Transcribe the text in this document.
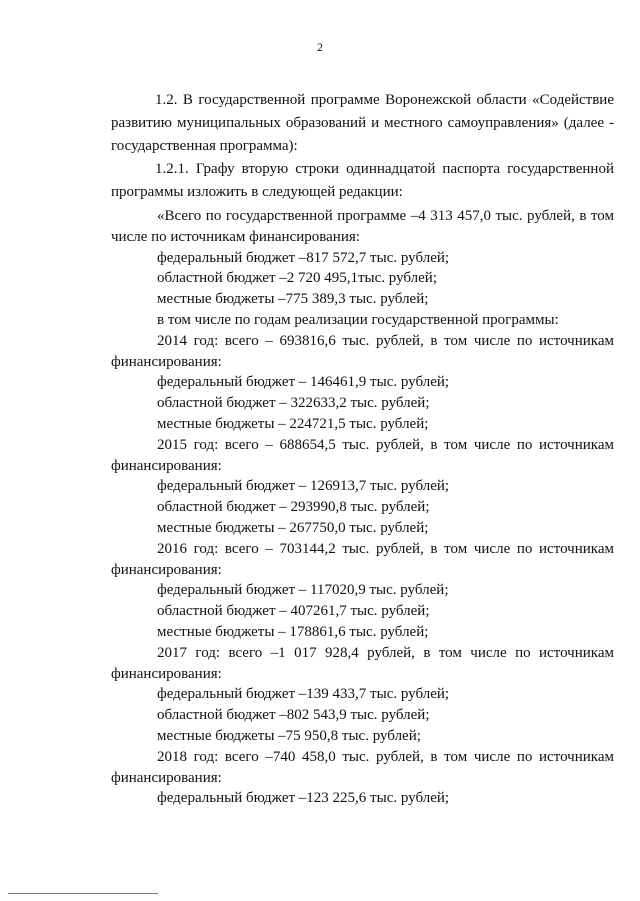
2
1.2. В государственной программе Воронежской области «Содействие
развитию муниципальных образований и местного самоуправления» (далее -
государственная программа):
1.2.1. Графу вторую строки одиннадцатой паспорта государственной
программы изложить в следующей редакции:
«Всего по государственной программе –4 313 457,0 тыс. рублей, в том
числе по источникам финансирования:
федеральный бюджет –817 572,7 тыс. рублей;
областной бюджет –2 720 495,1тыс. рублей;
местные бюджеты –775 389,3 тыс. рублей;
в том числе по годам реализации государственной программы:
2014 год: всего – 693816,6 тыс. рублей, в том числе по источникам
финансирования:
федеральный бюджет – 146461,9 тыс. рублей;
областной бюджет – 322633,2 тыс. рублей;
местные бюджеты – 224721,5 тыс. рублей;
2015 год: всего – 688654,5 тыс. рублей, в том числе по источникам
финансирования:
федеральный бюджет – 126913,7 тыс. рублей;
областной бюджет – 293990,8 тыс. рублей;
местные бюджеты – 267750,0 тыс. рублей;
2016 год: всего – 703144,2 тыс. рублей, в том числе по источникам
финансирования:
федеральный бюджет – 117020,9 тыс. рублей;
областной бюджет – 407261,7 тыс. рублей;
местные бюджеты – 178861,6 тыс. рублей;
2017 год: всего –1 017 928,4 рублей, в том числе по источникам
финансирования:
федеральный бюджет –139 433,7 тыс. рублей;
областной бюджет –802 543,9 тыс. рублей;
местные бюджеты –75 950,8 тыс. рублей;
2018 год: всего –740 458,0 тыс. рублей, в том числе по источникам
финансирования:
федеральный бюджет –123 225,6 тыс. рублей;
